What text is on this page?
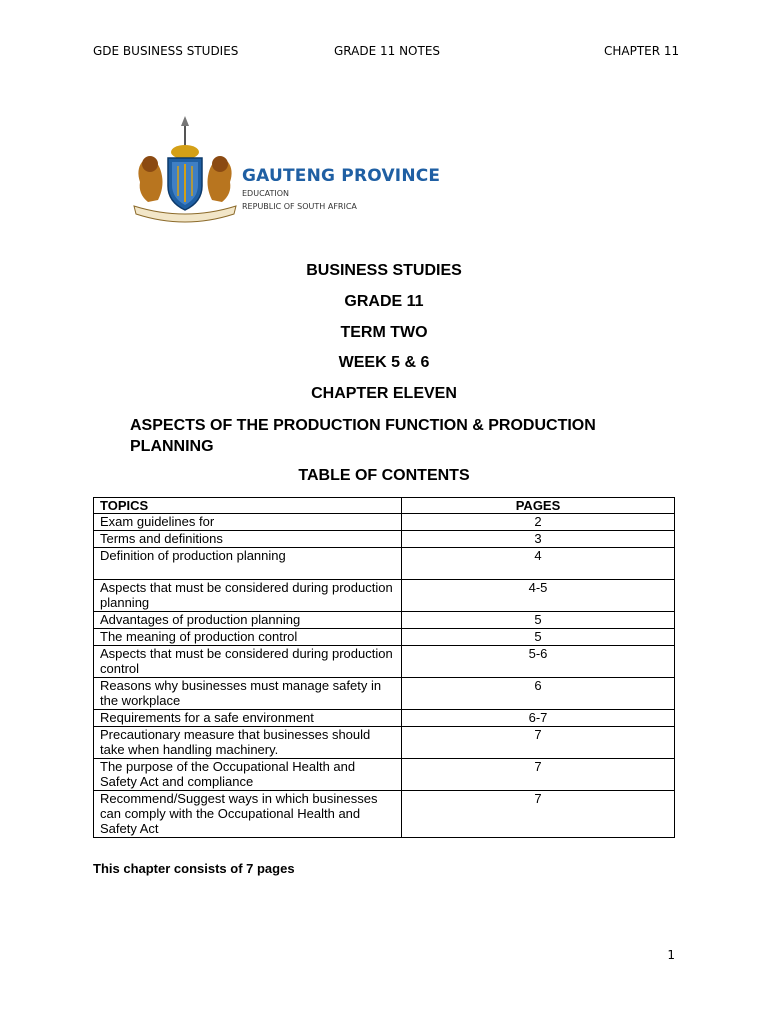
GDE BUSINESS STUDIES	GRADE 11 NOTES	CHAPTER 11
GAUTENG PROVINCE
EDUCATION
REPUBLIC OF SOUTH AFRICA
BUSINESS STUDIES
GRADE 11
TERM TWO
WEEK 5 & 6
CHAPTER ELEVEN
ASPECTS OF THE PRODUCTION FUNCTION & PRODUCTION PLANNING
TABLE OF CONTENTS
TOPICS	PAGES
Exam guidelines for	2
Terms and definitions	3
Definition of production planning	4
Aspects that must be considered during production planning	4-5
Advantages of production planning	5
The meaning of production control	5
Aspects that must be considered during production control	5-6
Reasons why businesses must manage safety in the workplace	6
Requirements for a safe environment	6-7
Precautionary measure that businesses should take when handling machinery.	7
The purpose of the Occupational Health and Safety Act and compliance	7
Recommend/Suggest ways in which businesses can comply with the Occupational Health and Safety Act	7
This chapter consists of 7 pages
1
